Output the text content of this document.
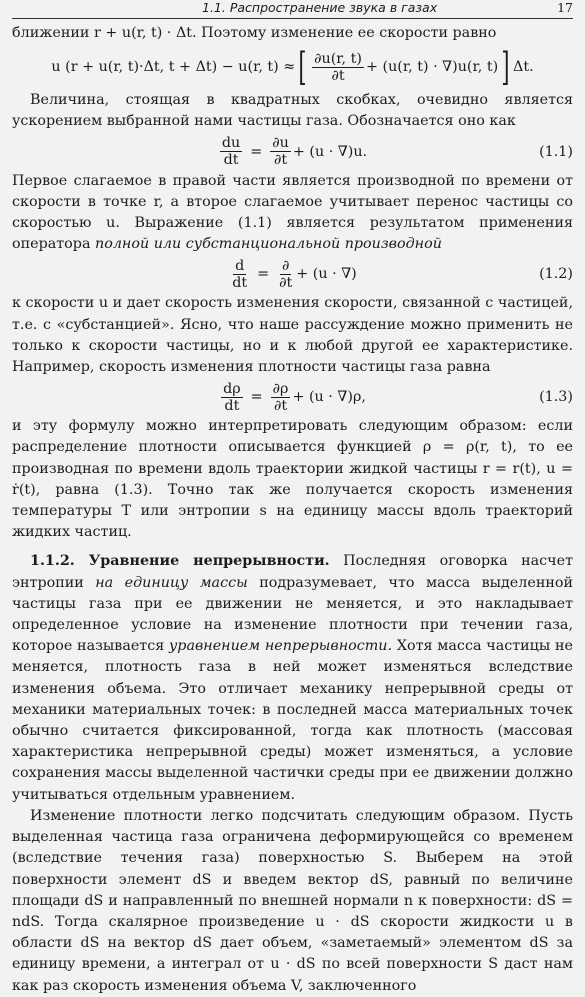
1.1. Распространение звука в газах	17

ближении r + u(r, t) · Δt. Поэтому изменение ее скорости равно

u (r + u(r, t)·Δt, t + Δt) − u(r, t) ≈ [ $\frac{\partial u(r, t)}{\partial t} + (u(r$, t) · ∇)u(r, t) ] Δt.

Величина, стоящая в квадратных скобках, очевидно является ускорением выбранной нами частицы газа. Обозначается оно как

$\frac{du}{dt} = \frac{\partial u}{\partial t} + (u \cdot \nabla)u$.	(1.1)

Первое слагаемое в правой части является производной по времени от скорости в точке r, а второе слагаемое учитывает перенос частицы со скоростью u. Выражение (1.1) является результатом применения оператора полной или субстанциональной производной

$\frac{d}{dt} = \frac{\partial}{\partial t} + (u$ · ∇)	(1.2)

к скорости u и дает скорость изменения скорости, связанной с частицей, т.е. с «субстанцией». Ясно, что наше рассуждение можно применить не только к скорости частицы, но и к любой другой ее характеристике. Например, скорость изменения плотности частицы газа равна

$\frac{d\rho}{dt} = \frac{\partial\rho}{\partial t} + (u \cdot \nabla)\rho$,	(1.3)

и эту формулу можно интерпретировать следующим образом: если распределение плотности описывается функцией ρ = ρ(r, t), то ее производная по времени вдоль траектории жидкой частицы r = r(t), u = ṙ(t), равна (1.3). Точно так же получается скорость изменения температуры T или энтропии s на единицу массы вдоль траекторий жидких частиц.

1.1.2. Уравнение непрерывности. Последняя оговорка насчет энтропии на единицу массы подразумевает, что масса выделенной частицы газа при ее движении не меняется, и это накладывает определенное условие на изменение плотности при течении газа, которое называется уравнением непрерывности. Хотя масса частицы не меняется, плотность газа в ней может изменяться вследствие изменения объема. Это отличает механику непрерывной среды от механики материальных точек: в последней масса материальных точек обычно считается фиксированной, тогда как плотность (массовая характеристика непрерывной среды) может изменяться, а условие сохранения массы выделенной частички среды при ее движении должно учитываться отдельным уравнением.

Изменение плотности легко подсчитать следующим образом. Пусть выделенная частица газа ограничена деформирующейся со временем (вследствие течения газа) поверхностью S. Выберем на этой поверхности элемент dS и введем вектор dS, равный по величине площади dS и направленный по внешней нормали n к поверхности: dS = ndS. Тогда скалярное произведение u · dS скорости жидкости u в области dS на вектор dS дает объем, «заметаемый» элементом dS за единицу времени, а интеграл от u · dS по всей поверхности S даст нам как раз скорость изменения объема V, заключенного
